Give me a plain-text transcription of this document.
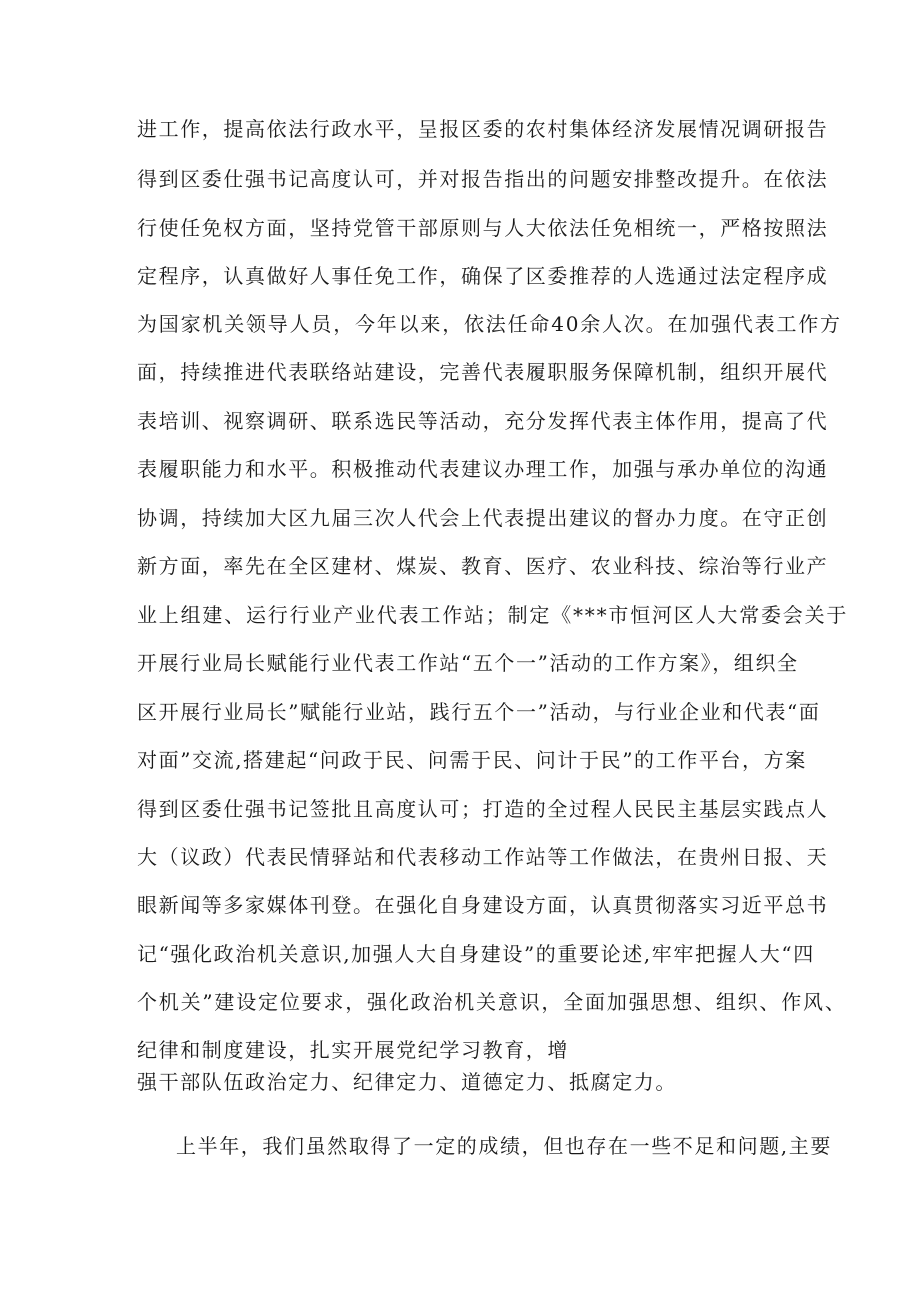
进工作，提高依法行政水平，呈报区委的农村集体经济发展情况调研报告
得到区委仕强书记高度认可，并对报告指出的问题安排整改提升。在依法
行使任免权方面，坚持党管干部原则与人大依法任免相统一，严格按照法
定程序，认真做好人事任免工作，确保了区委推荐的人选通过法定程序成
为国家机关领导人员，今年以来，依法任命40余人次。在加强代表工作方
面，持续推进代表联络站建设，完善代表履职服务保障机制，组织开展代
表培训、视察调研、联系选民等活动，充分发挥代表主体作用，提高了代
表履职能力和水平。积极推动代表建议办理工作，加强与承办单位的沟通
协调，持续加大区九届三次人代会上代表提出建议的督办力度。在守正创
新方面，率先在全区建材、煤炭、教育、医疗、农业科技、综治等行业产
业上组建、运行行业产业代表工作站；制定《***市恒河区人大常委会关于
开展行业局长赋能行业代表工作站“五个一”活动的工作方案》，组织全
区开展行业局长”赋能行业站，践行五个一”活动，与行业企业和代表“面
对面”交流,搭建起“问政于民、问需于民、问计于民”的工作平台，方案
得到区委仕强书记签批且高度认可；打造的全过程人民民主基层实践点人
大（议政）代表民情驿站和代表移动工作站等工作做法，在贵州日报、天
眼新闻等多家媒体刊登。在强化自身建设方面，认真贯彻落实习近平总书
记“强化政治机关意识,加强人大自身建设”的重要论述,牢牢把握人大“四
个机关”建设定位要求，强化政治机关意识，全面加强思想、组织、作风、
纪律和制度建设，扎实开展党纪学习教育，增
强干部队伍政治定力、纪律定力、道德定力、抵腐定力。
上半年，我们虽然取得了一定的成绩，但也存在一些不足和问题,主要
